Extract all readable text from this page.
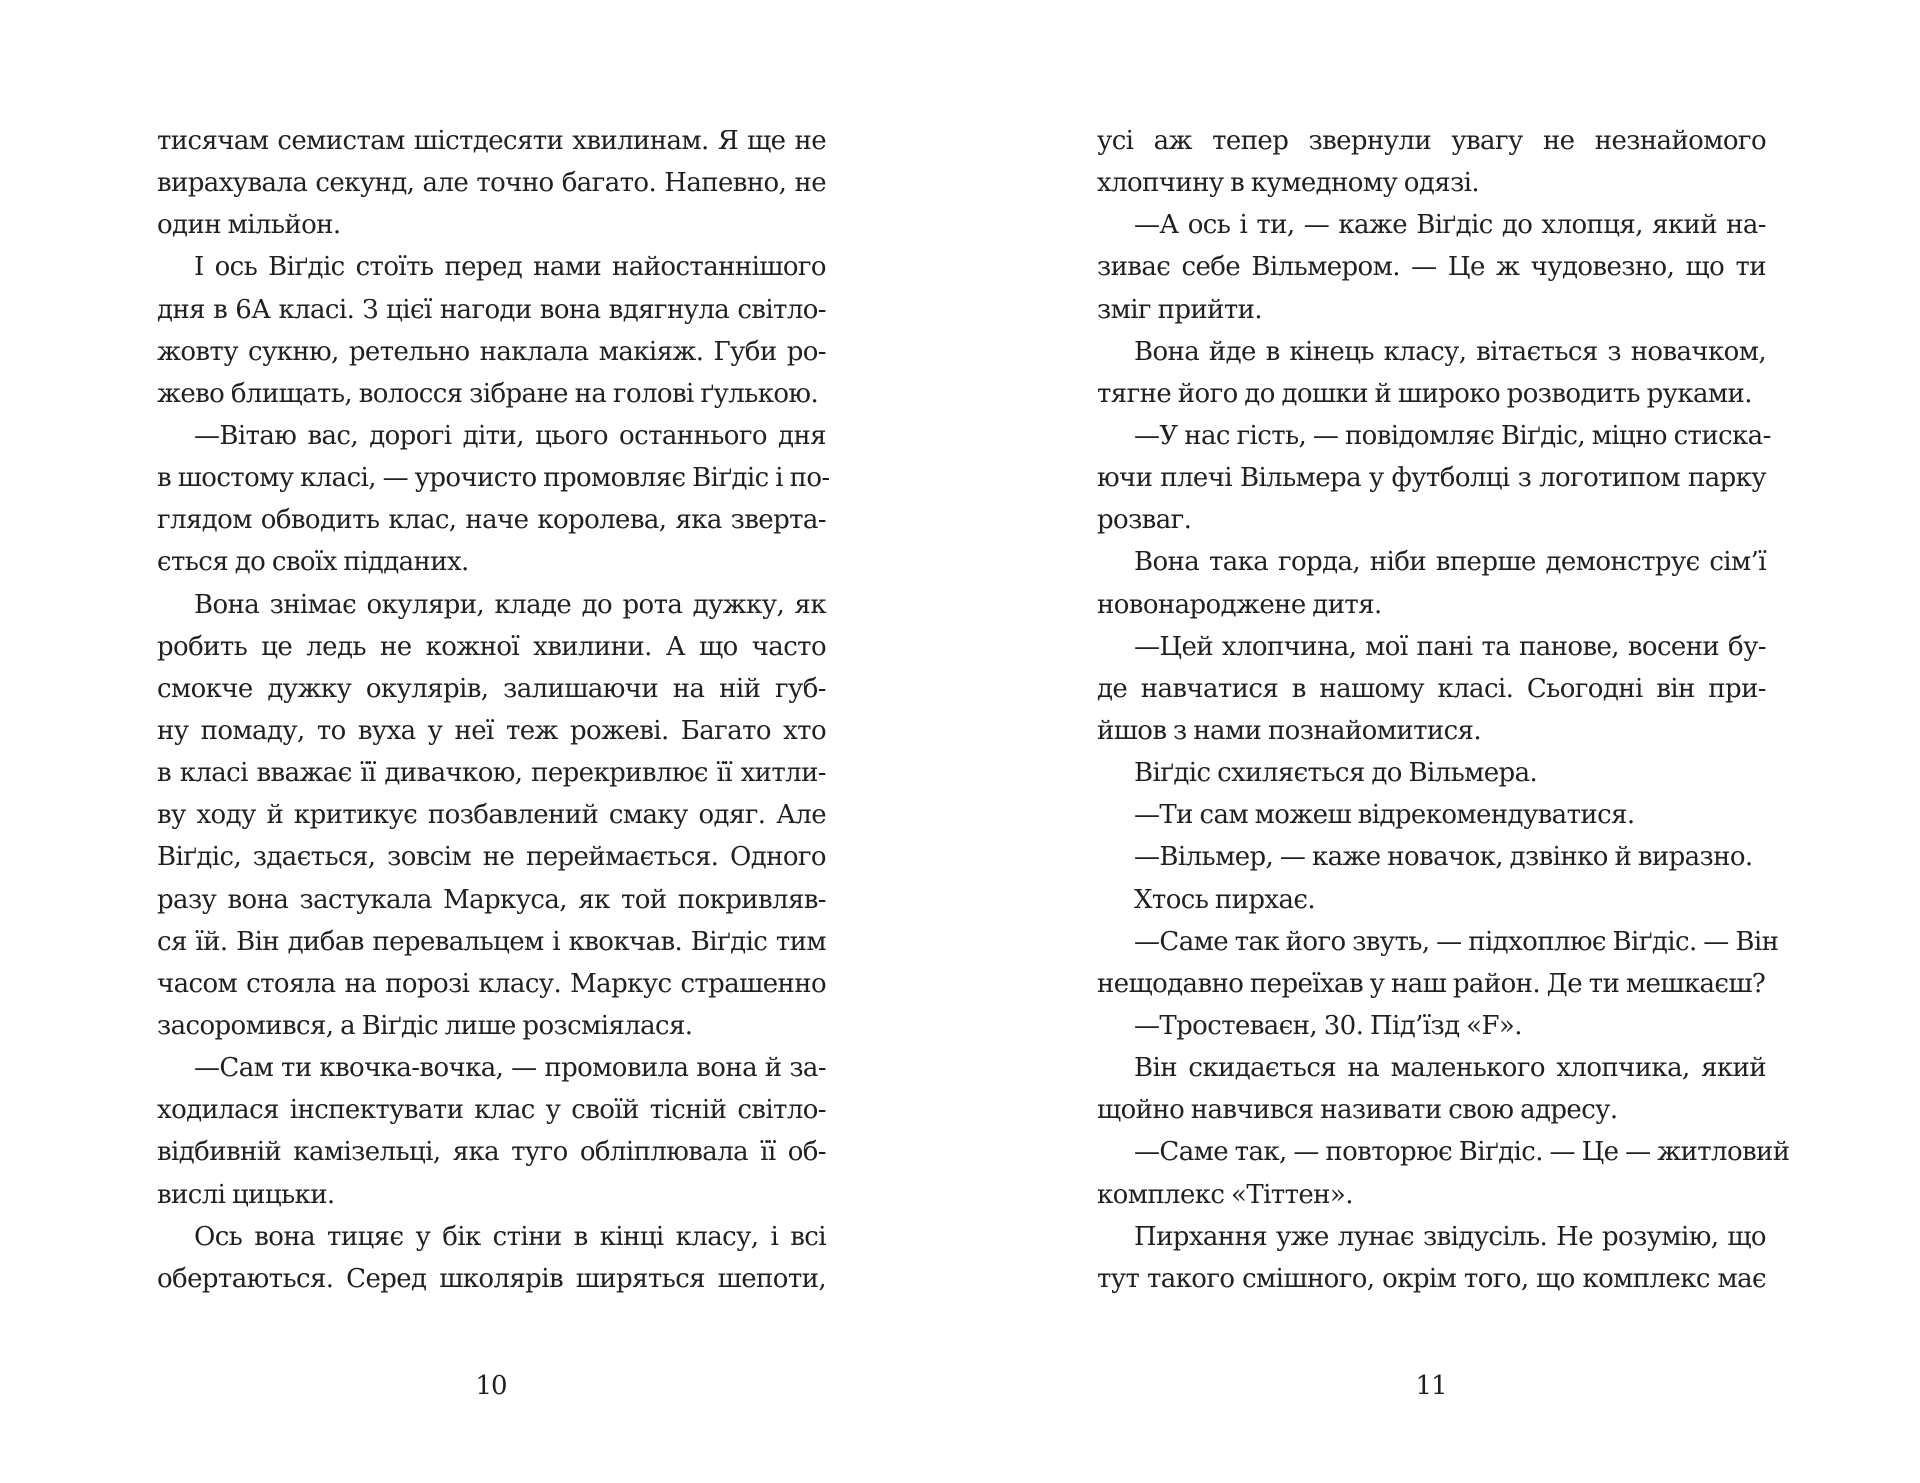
тисячам семистам шістдесяти хвилинам. Я ще не
вирахувала секунд, але точно багато. Напевно, не
один мільйон.
І ось Віґдіс стоїть перед нами найостаннішого
дня в 6А класі. З цієї нагоди вона вдягнула світло-
жовту сукню, ретельно наклала макіяж. Губи ро-
жево блищать, волосся зібране на голові ґулькою.
—Вітаю вас, дорогі діти, цього останнього дня
в шостому класі, — урочисто промовляє Віґдіс і по-
глядом обводить клас, наче королева, яка зверта-
ється до своїх підданих.
Вона знімає окуляри, кладе до рота дужку, як
робить це ледь не кожної хвилини. А що часто
смокче дужку окулярів, залишаючи на ній губ-
ну помаду, то вуха у неї теж рожеві. Багато хто
в класі вважає її дивачкою, перекривлює її хитли-
ву ходу й критикує позбавлений смаку одяг. Але
Віґдіс, здається, зовсім не переймається. Одного
разу вона застукала Маркуса, як той покривляв-
ся їй. Він дибав перевальцем і квокчав. Віґдіс тим
часом стояла на порозі класу. Маркус страшенно
засоромився, а Віґдіс лише розсміялася.
—Сам ти квочка-вочка, — промовила вона й за-
ходилася інспектувати клас у своїй тісній світло-
відбивній камізельці, яка туго обліплювала її об-
вислі цицьки.
Ось вона тицяє у бік стіни в кінці класу, і всі
обертаються. Серед школярів ширяться шепоти,
10
усі аж тепер звернули увагу не незнайомого
хлопчину в кумедному одязі.
—А ось і ти, — каже Віґдіс до хлопця, який на-
зиває себе Вільмером. — Це ж чудовезно, що ти
зміг прийти.
Вона йде в кінець класу, вітається з новачком,
тягне його до дошки й широко розводить руками.
—У нас гість, — повідомляє Віґдіс, міцно стиска-
ючи плечі Вільмера у футболці з логотипом парку
розваг.
Вона така горда, ніби вперше демонструє сім’ї
новонароджене дитя.
—Цей хлопчина, мої пані та панове, восени бу-
де навчатися в нашому класі. Сьогодні він при-
йшов з нами познайомитися.
Віґдіс схиляється до Вільмера.
—Ти сам можеш відрекомендуватися.
—Вільмер, — каже новачок, дзвінко й виразно.
Хтось пирхає.
—Саме так його звуть, — підхоплює Віґдіс. — Він
нещодавно переїхав у наш район. Де ти мешкаєш?
—Тростеваєн, 30. Під’їзд «F».
Він скидається на маленького хлопчика, який
щойно навчився називати свою адресу.
—Саме так, — повторює Віґдіс. — Це — житловий
комплекс «Тіттен».
Пирхання уже лунає звідусіль. Не розумію, що
тут такого смішного, окрім того, що комплекс має
11
